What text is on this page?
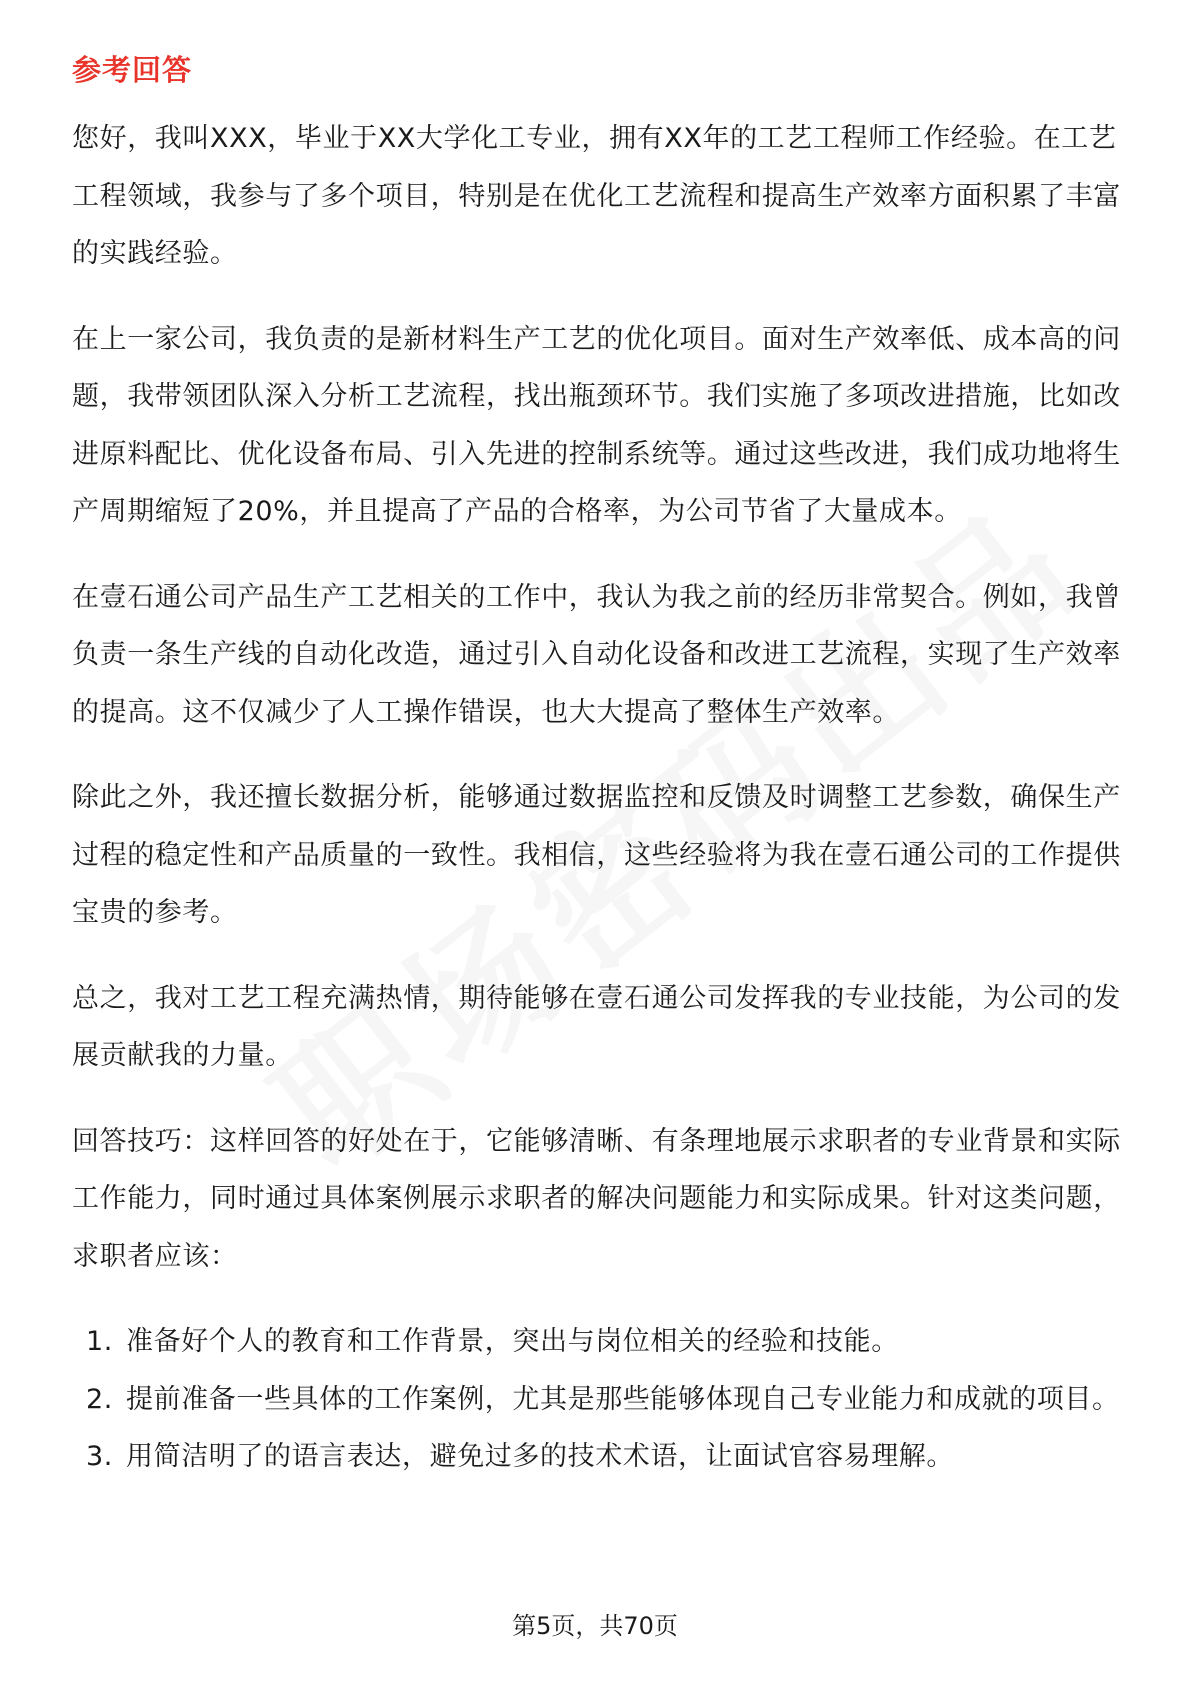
参考回答

您好，我叫XXX，毕业于XX大学化工专业，拥有XX年的工艺工程师工作经验。在工艺工程领域，我参与了多个项目，特别是在优化工艺流程和提高生产效率方面积累了丰富的实践经验。

在上一家公司，我负责的是新材料生产工艺的优化项目。面对生产效率低、成本高的问题，我带领团队深入分析工艺流程，找出瓶颈环节。我们实施了多项改进措施，比如改进原料配比、优化设备布局、引入先进的控制系统等。通过这些改进，我们成功地将生产周期缩短了20%，并且提高了产品的合格率，为公司节省了大量成本。

在壹石通公司产品生产工艺相关的工作中，我认为我之前的经历非常契合。例如，我曾负责一条生产线的自动化改造，通过引入自动化设备和改进工艺流程，实现了生产效率的提高。这不仅减少了人工操作错误，也大大提高了整体生产效率。

除此之外，我还擅长数据分析，能够通过数据监控和反馈及时调整工艺参数，确保生产过程的稳定性和产品质量的一致性。我相信，这些经验将为我在壹石通公司的工作提供宝贵的参考。

总之，我对工艺工程充满热情，期待能够在壹石通公司发挥我的专业技能，为公司的发展贡献我的力量。

回答技巧：这样回答的好处在于，它能够清晰、有条理地展示求职者的专业背景和实际工作能力，同时通过具体案例展示求职者的解决问题能力和实际成果。针对这类问题，求职者应该：

1. 准备好个人的教育和工作背景，突出与岗位相关的经验和技能。
2. 提前准备一些具体的工作案例，尤其是那些能够体现自己专业能力和成就的项目。
3. 用简洁明了的语言表达，避免过多的技术术语，让面试官容易理解。
第5页，共70页
